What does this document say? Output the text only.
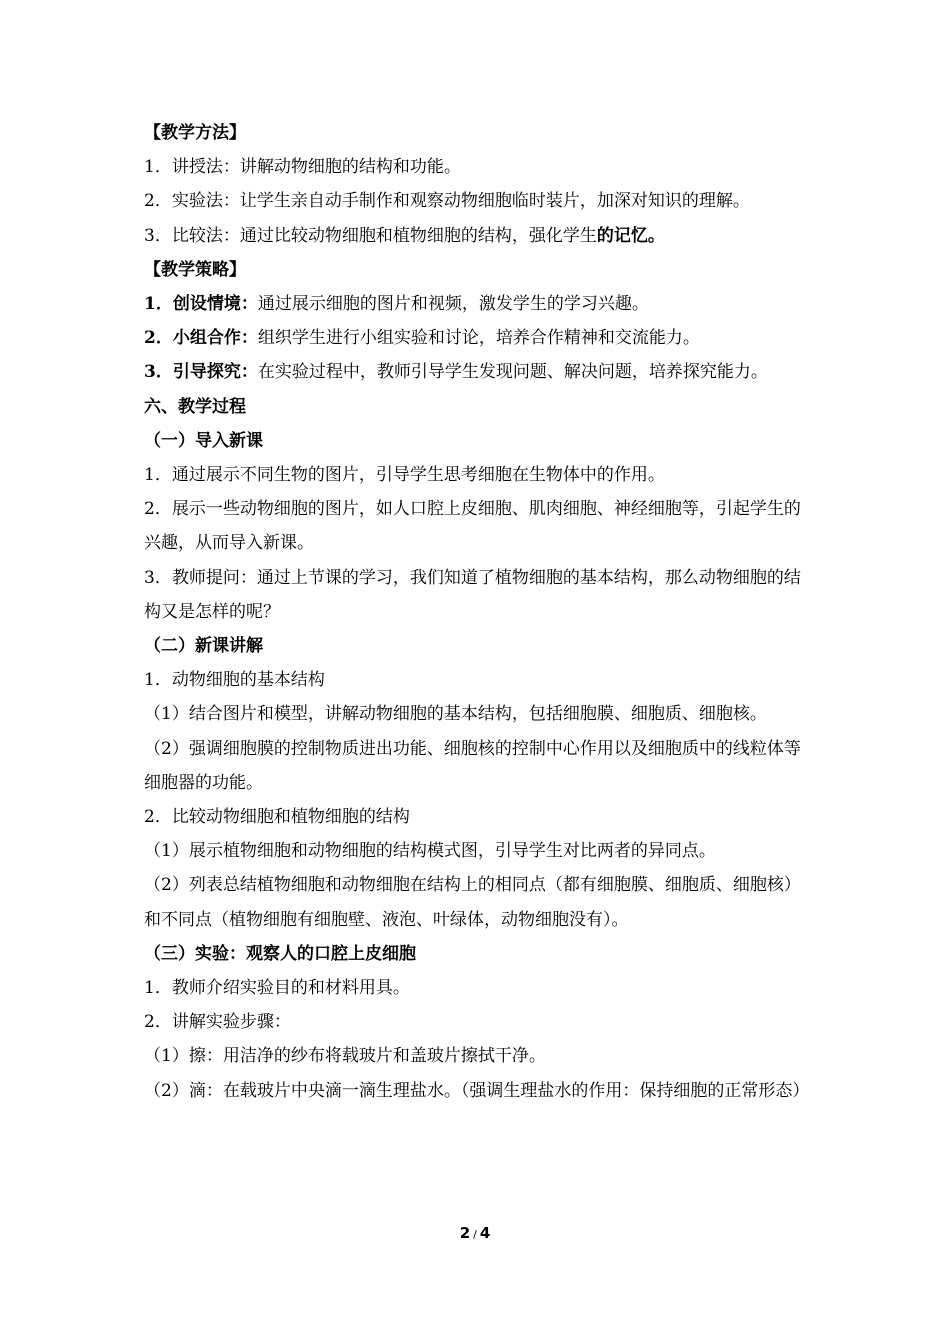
【教学方法】

1．讲授法：讲解动物细胞的结构和功能。

2．实验法：让学生亲自动手制作和观察动物细胞临时装片，加深对知识的理解。

3．比较法：通过比较动物细胞和植物细胞的结构，强化学生的记忆。

【教学策略】

1．创设情境：通过展示细胞的图片和视频，激发学生的学习兴趣。

2．小组合作：组织学生进行小组实验和讨论，培养合作精神和交流能力。

3．引导探究：在实验过程中，教师引导学生发现问题、解决问题，培养探究能力。

六、教学过程

（一）导入新课

1．通过展示不同生物的图片，引导学生思考细胞在生物体中的作用。

2．展示一些动物细胞的图片，如人口腔上皮细胞、肌肉细胞、神经细胞等，引起学生的兴趣，从而导入新课。

3．教师提问：通过上节课的学习，我们知道了植物细胞的基本结构，那么动物细胞的结构又是怎样的呢？

（二）新课讲解

1．动物细胞的基本结构

（1）结合图片和模型，讲解动物细胞的基本结构，包括细胞膜、细胞质、细胞核。

（2）强调细胞膜的控制物质进出功能、细胞核的控制中心作用以及细胞质中的线粒体等细胞器的功能。

2．比较动物细胞和植物细胞的结构

（1）展示植物细胞和动物细胞的结构模式图，引导学生对比两者的异同点。

（2）列表总结植物细胞和动物细胞在结构上的相同点（都有细胞膜、细胞质、细胞核）和不同点（植物细胞有细胞壁、液泡、叶绿体，动物细胞没有）。

（三）实验：观察人的口腔上皮细胞

1．教师介绍实验目的和材料用具。

2．讲解实验步骤：

（1）擦：用洁净的纱布将载玻片和盖玻片擦拭干净。

（2）滴：在载玻片中央滴一滴生理盐水。（强调生理盐水的作用：保持细胞的正常形态）

2 / 4
